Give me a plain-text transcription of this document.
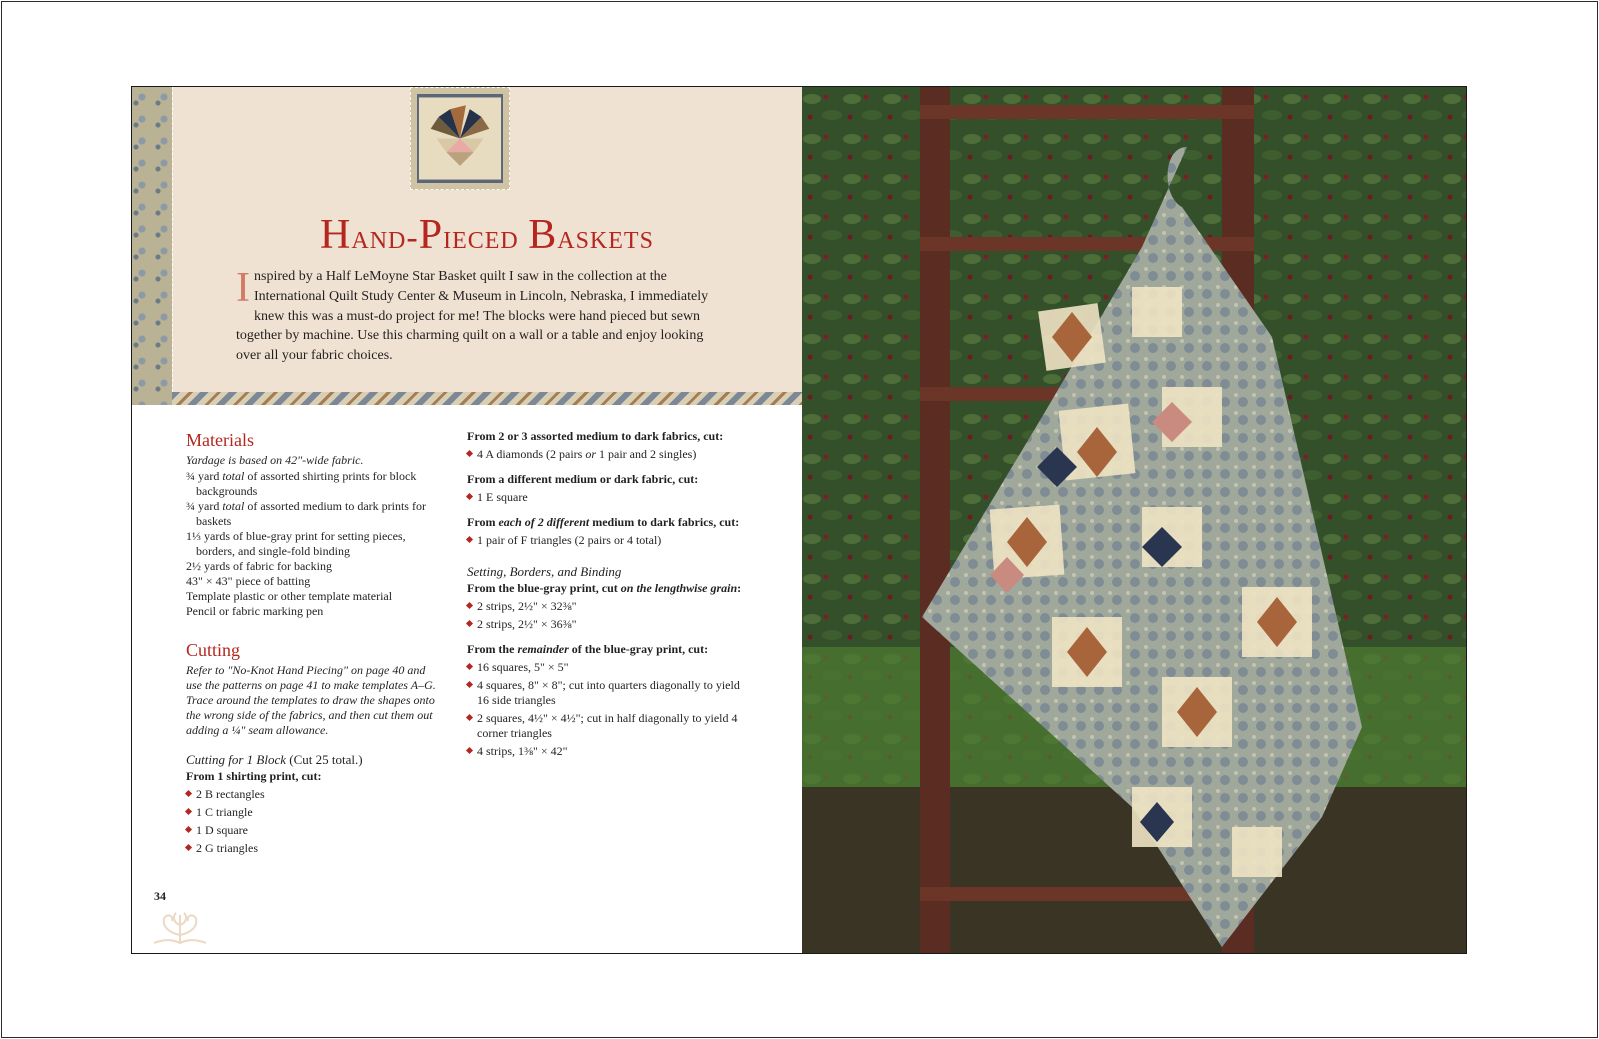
Hand-Pieced Baskets
Inspired by a Half LeMoyne Star Basket quilt I saw in the collection at the International Quilt Study Center & Museum in Lincoln, Nebraska, I immediately knew this was a must-do project for me! The blocks were hand pieced but sewn together by machine. Use this charming quilt on a wall or a table and enjoy looking over all your fabric choices.
Materials
Yardage is based on 42"-wide fabric.
¾ yard total of assorted shirting prints for block backgrounds
¾ yard total of assorted medium to dark prints for baskets
1⅓ yards of blue-gray print for setting pieces, borders, and single-fold binding
2½ yards of fabric for backing
43" × 43" piece of batting
Template plastic or other template material
Pencil or fabric marking pen
Cutting
Refer to "No-Knot Hand Piecing" on page 40 and use the patterns on page 41 to make templates A–G. Trace around the templates to draw the shapes onto the wrong side of the fabrics, and then cut them out adding a ¼" seam allowance.
Cutting for 1 Block (Cut 25 total.)
From 1 shirting print, cut:
2 B rectangles
1 C triangle
1 D square
2 G triangles
From 2 or 3 assorted medium to dark fabrics, cut:
4 A diamonds (2 pairs or 1 pair and 2 singles)
From a different medium or dark fabric, cut:
1 E square
From each of 2 different medium to dark fabrics, cut:
1 pair of F triangles (2 pairs or 4 total)
Setting, Borders, and Binding
From the blue-gray print, cut on the lengthwise grain:
2 strips, 2½" × 32⅜"
2 strips, 2½" × 36⅜"
From the remainder of the blue-gray print, cut:
16 squares, 5" × 5"
4 squares, 8" × 8"; cut into quarters diagonally to yield 16 side triangles
2 squares, 4½" × 4½"; cut in half diagonally to yield 4 corner triangles
4 strips, 1⅜" × 42"
34
